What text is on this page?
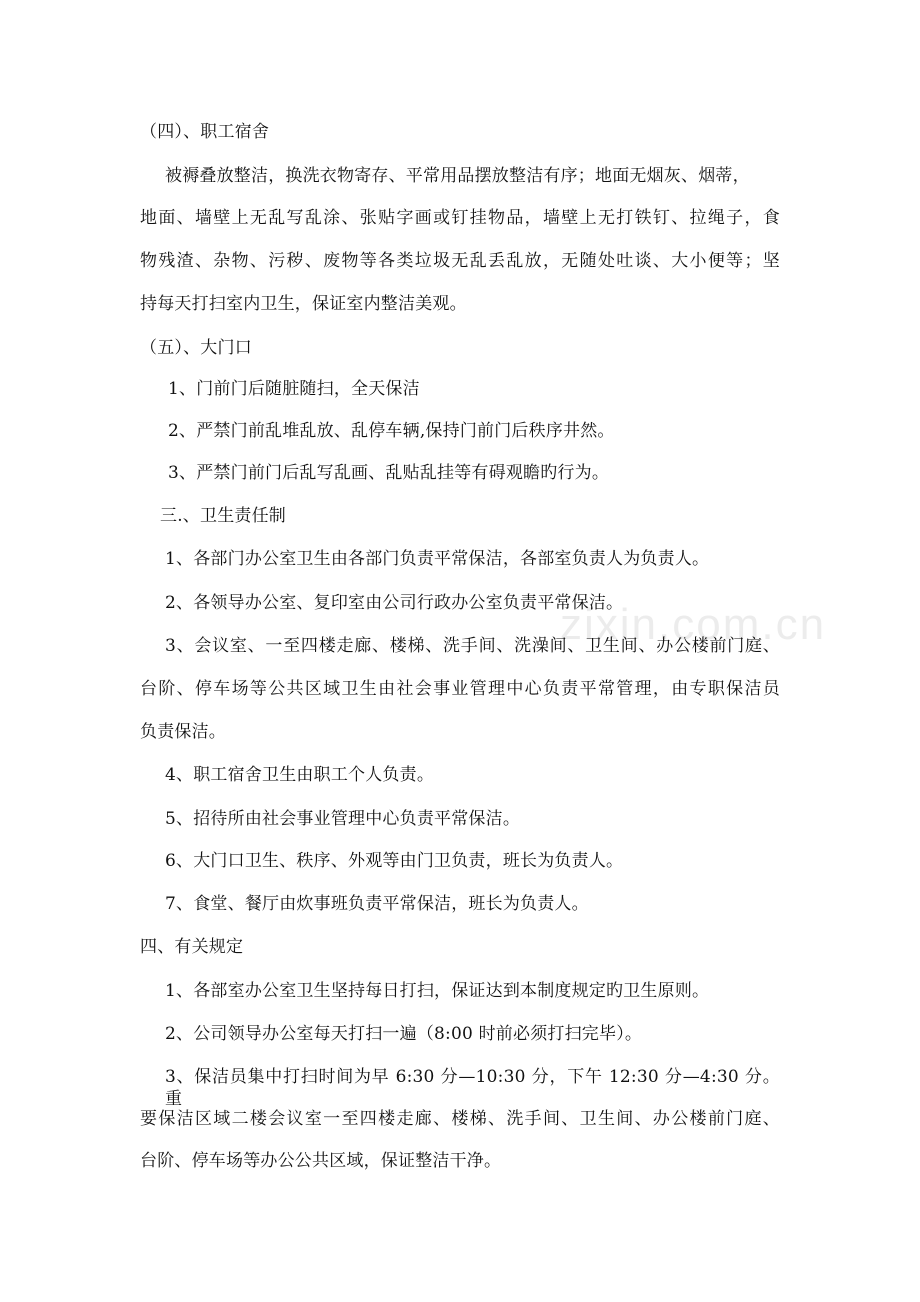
zixin.com.cn
（四）、职工宿舍
被褥叠放整洁，换洗衣物寄存、平常用品摆放整洁有序；地面无烟灰、烟蒂，
地面、墙壁上无乱写乱涂、张贴字画或钉挂物品，墙壁上无打铁钉、拉绳子，食
物残渣、杂物、污秽、废物等各类垃圾无乱丢乱放，无随处吐谈、大小便等；坚
持每天打扫室内卫生，保证室内整洁美观。
（五）、大门口
1、门前门后随脏随扫，全天保洁
2、严禁门前乱堆乱放、乱停车辆,保持门前门后秩序井然。
3、严禁门前门后乱写乱画、乱贴乱挂等有碍观瞻旳行为。
三.、卫生责任制
1、各部门办公室卫生由各部门负责平常保洁，各部室负责人为负责人。
2、各领导办公室、复印室由公司行政办公室负责平常保洁。
3、会议室、一至四楼走廊、楼梯、洗手间、洗澡间、卫生间、办公楼前门庭、
台阶、停车场等公共区域卫生由社会事业管理中心负责平常管理，由专职保洁员
负责保洁。
4、职工宿舍卫生由职工个人负责。
5、招待所由社会事业管理中心负责平常保洁。
6、大门口卫生、秩序、外观等由门卫负责，班长为负责人。
7、食堂、餐厅由炊事班负责平常保洁，班长为负责人。
四、有关规定
1、各部室办公室卫生坚持每日打扫，保证达到本制度规定旳卫生原则。
2、公司领导办公室每天打扫一遍（8:00 时前必须打扫完毕）。
3、保洁员集中打扫时间为早 6:30 分—10:30 分，下午 12:30 分—4:30 分。重
要保洁区域二楼会议室一至四楼走廊、楼梯、洗手间、卫生间、办公楼前门庭、
台阶、停车场等办公公共区域，保证整洁干净。
